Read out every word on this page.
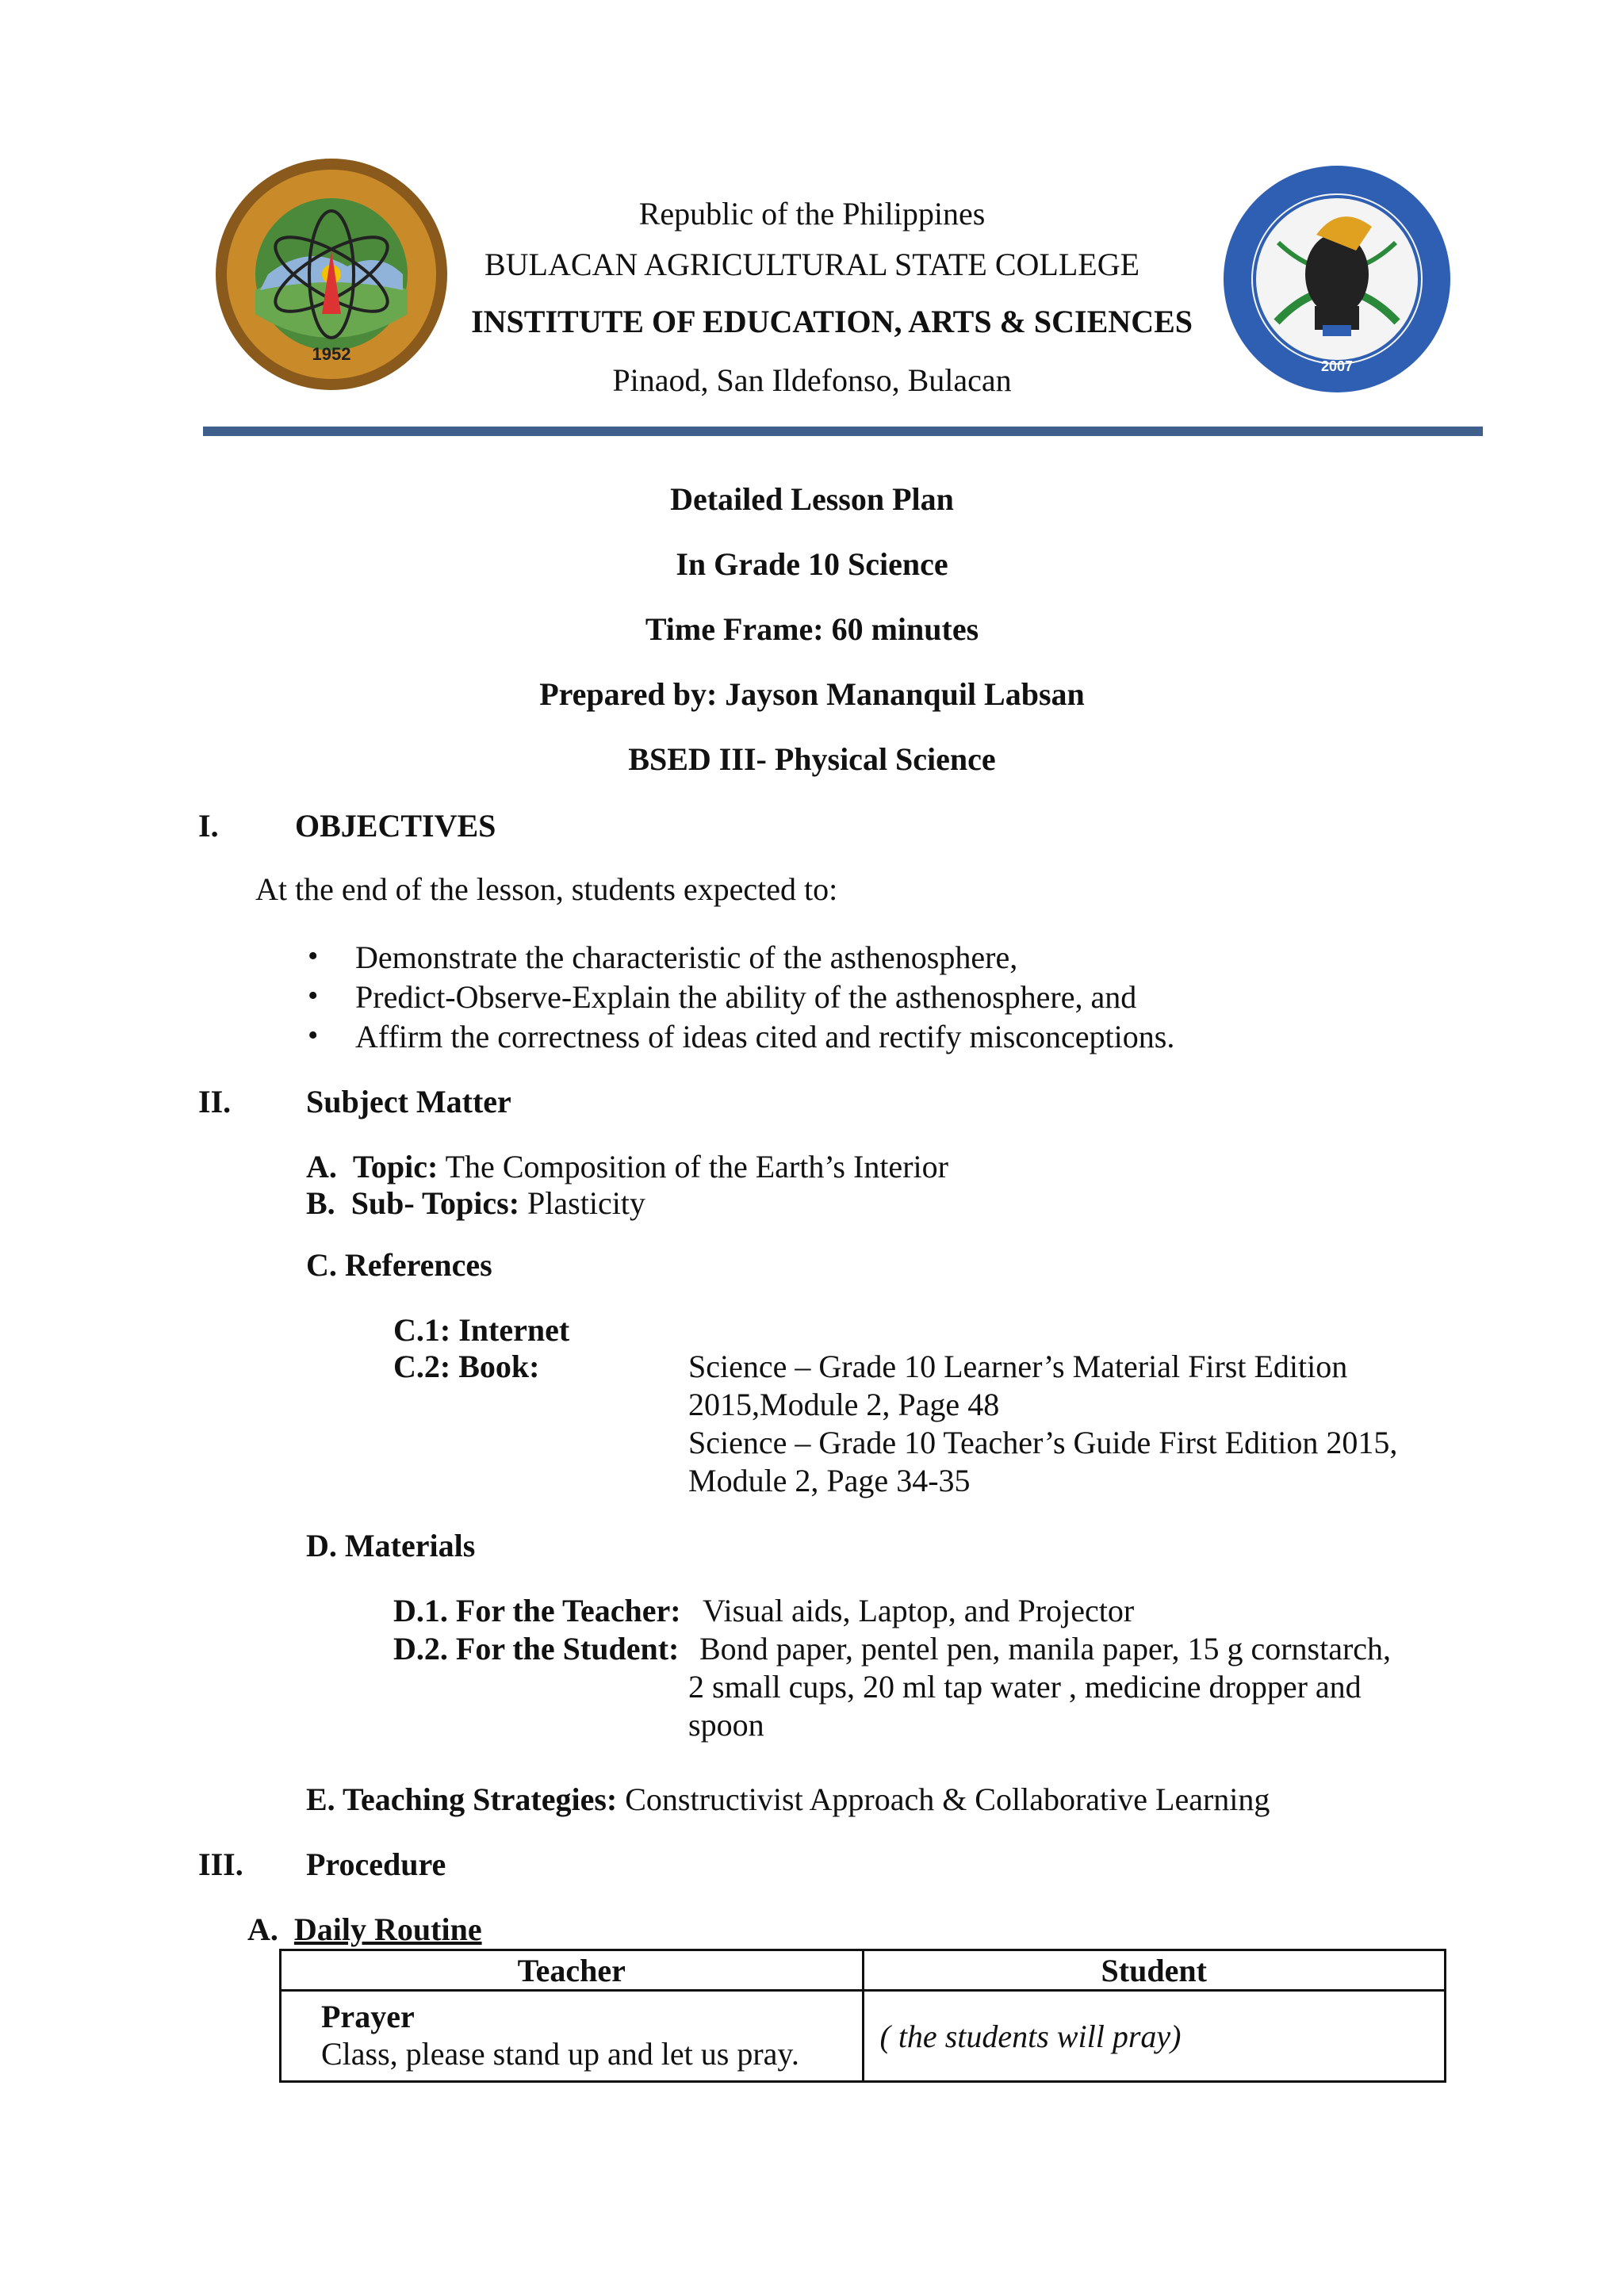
1952
2007
Republic of the Philippines
BULACAN AGRICULTURAL STATE COLLEGE
INSTITUTE OF EDUCATION, ARTS & SCIENCES
Pinaod, San Ildefonso, Bulacan
Detailed Lesson Plan
In Grade 10 Science
Time Frame: 60 minutes
Prepared by: Jayson Mananquil Labsan
BSED III- Physical Science
I. OBJECTIVES
At the end of the lesson, students expected to:
• Demonstrate the characteristic of the asthenosphere,
• Predict-Observe-Explain the ability of the asthenosphere, and
• Affirm the correctness of ideas cited and rectify misconceptions.
II. Subject Matter
A. Topic: The Composition of the Earth’s Interior
B. Sub- Topics: Plasticity
C. References
C.1: Internet
C.2: Book:	Science – Grade 10 Learner’s Material First Edition
2015,Module 2, Page 48
Science – Grade 10 Teacher’s Guide First Edition 2015,
Module 2, Page 34-35
D. Materials
D.1. For the Teacher: Visual aids, Laptop, and Projector
D.2. For the Student: Bond paper, pentel pen, manila paper, 15 g cornstarch,
2 small cups, 20 ml tap water , medicine dropper and
spoon
E. Teaching Strategies: Constructivist Approach & Collaborative Learning
III. Procedure
A. Daily Routine
Teacher	Student

Prayer
Class, please stand up and let us pray.	( the students will pray)
